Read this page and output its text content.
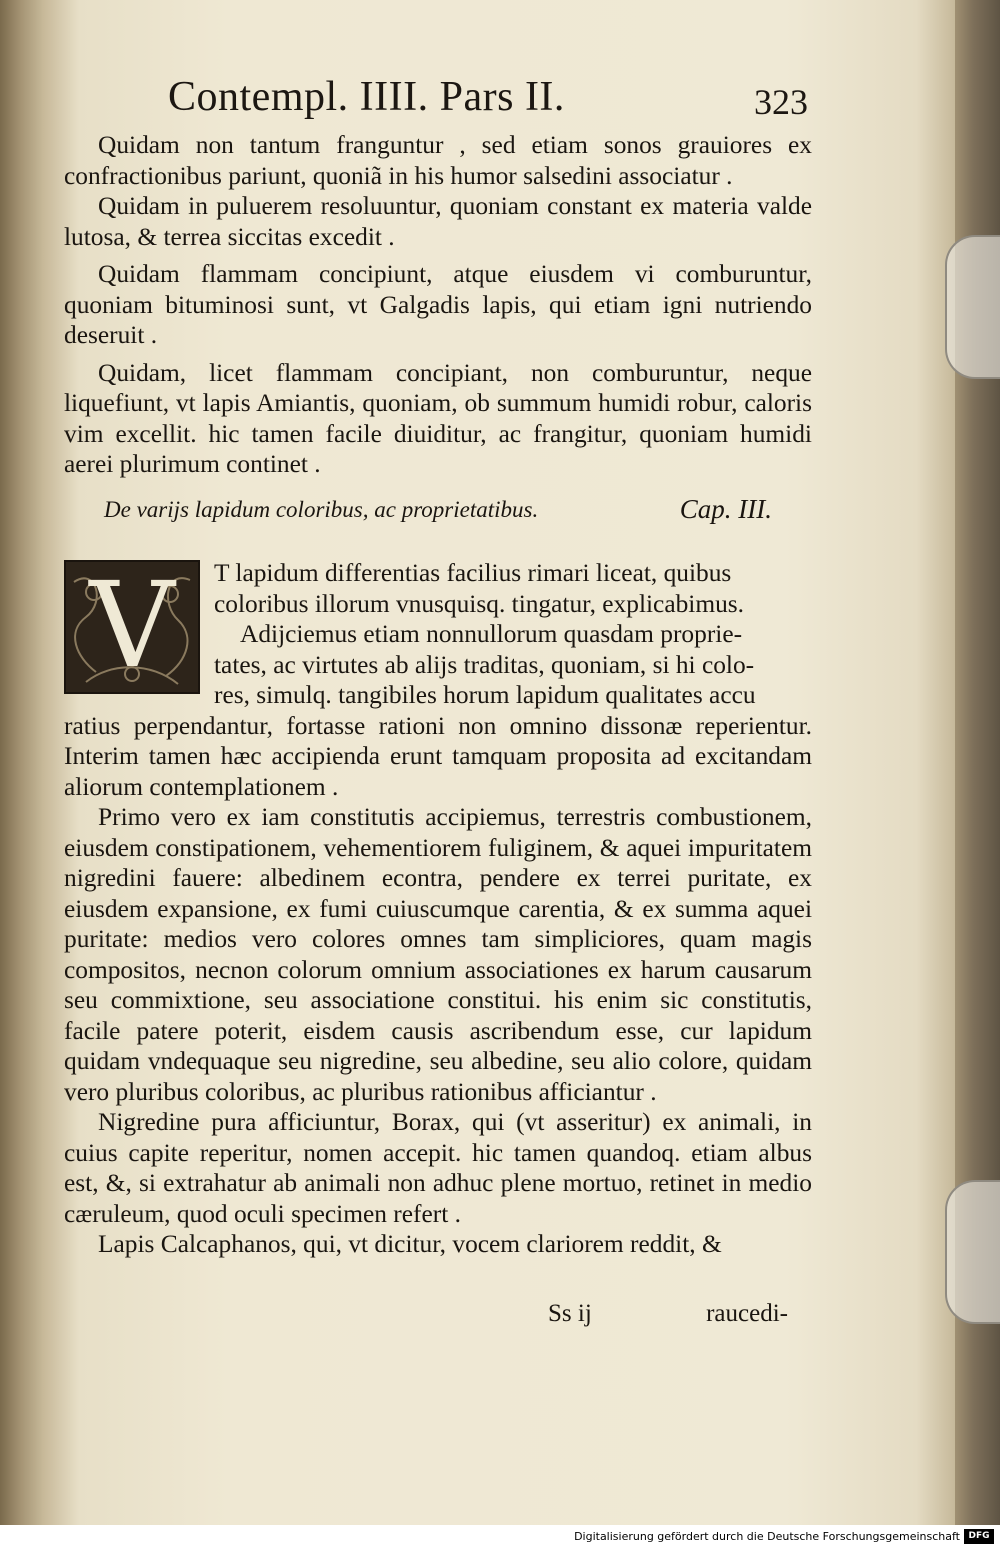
Contempl. IIII. Pars II.	323

Quidam non tantum franguntur , sed etiam sonos grauiores ex confractionibus pariunt, quoniã in his humor salsedini associatur .

Quidam in puluerem resoluuntur, quoniam constant ex materia valde lutosa, & terrea siccitas excedit .

Quidam flammam concipiunt, atque eiusdem vi comburuntur, quoniam bituminosi sunt, vt Galgadis lapis, qui etiam igni nutriendo deseruit .

Quidam, licet flammam concipiant, non comburuntur, neque liquefiunt, vt lapis Amiantis, quoniam, ob summum humidi robur, caloris vim excellit. hic tamen facile diuiditur, ac frangitur, quoniam humidi aerei plurimum continet .

De varijs lapidum coloribus, ac proprietatibus.	Cap. III.
V	T lapidum differentias facilius rimari liceat, quibus
coloribus illorum vnusquisq. tingatur, explicabimus.
Adijciemus etiam nonnullorum quasdam proprie-
tates, ac virtutes ab alijs traditas, quoniam, si hi colo-
res, simulq. tangibiles horum lapidum qualitates accu

ratius perpendantur, fortasse rationi non omnino dissonæ reperientur. Interim tamen hæc accipienda erunt tamquam proposita ad excitandam aliorum contemplationem .

Primo vero ex iam constitutis accipiemus, terrestris combustionem, eiusdem constipationem, vehementiorem fuliginem, & aquei impuritatem nigredini fauere: albedinem econtra, pendere ex terrei puritate, ex eiusdem expansione, ex fumi cuiuscumque carentia, & ex summa aquei puritate: medios vero colores omnes tam simpliciores, quam magis compositos, necnon colorum omnium associationes ex harum causarum seu commixtione, seu associatione constitui. his enim sic constitutis, facile patere poterit, eisdem causis ascribendum esse, cur lapidum quidam vndequaque seu nigredine, seu albedine, seu alio colore, quidam vero pluribus coloribus, ac pluribus rationibus afficiantur .

Nigredine pura afficiuntur, Borax, qui (vt asseritur) ex animali, in cuius capite reperitur, nomen accepit. hic tamen quandoq. etiam albus est, &, si extrahatur ab animali non adhuc plene mortuo, retinet in medio cæruleum, quod oculi specimen refert .

Lapis Calcaphanos, qui, vt dicitur, vocem clariorem reddit, &

Ss ij	raucedi-
Digitalisierung gefördert durch die Deutsche Forschungsgemeinschaft DFG
